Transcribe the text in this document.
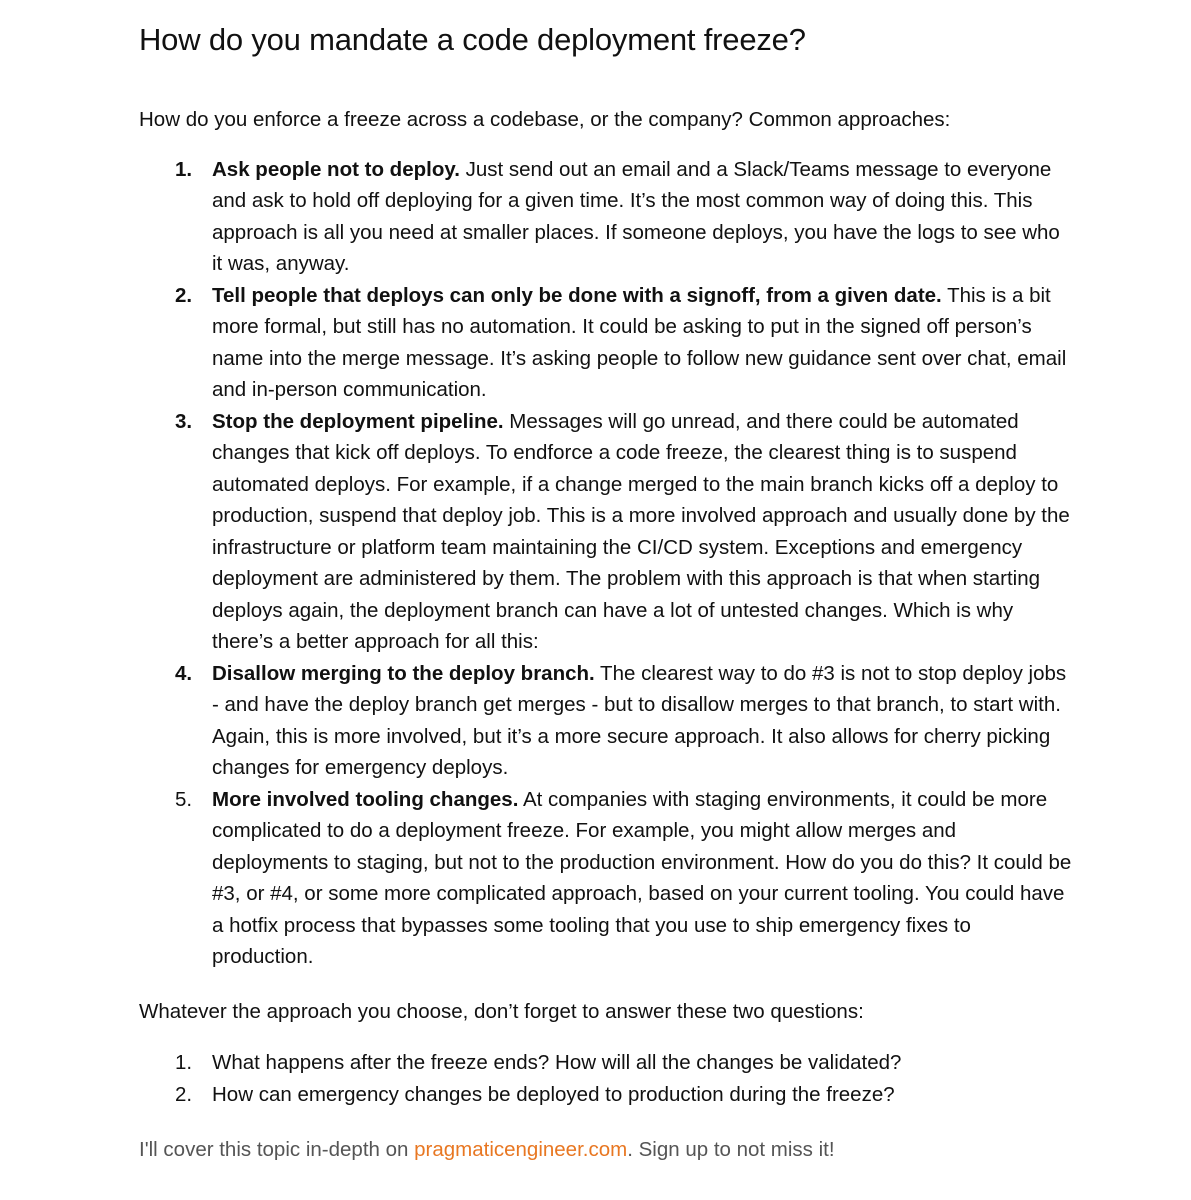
How do you mandate a code deployment freeze?

How do you enforce a freeze across a codebase, or the company? Common approaches:

1. Ask people not to deploy. Just send out an email and a Slack/Teams message to everyone and ask to hold off deploying for a given time. It’s the most common way of doing this. This approach is all you need at smaller places. If someone deploys, you have the logs to see who it was, anyway.
2. Tell people that deploys can only be done with a signoff, from a given date. This is a bit more formal, but still has no automation. It could be asking to put in the signed off person’s name into the merge message. It’s asking people to follow new guidance sent over chat, email and in-person communication.
3. Stop the deployment pipeline. Messages will go unread, and there could be automated changes that kick off deploys. To endforce a code freeze, the clearest thing is to suspend automated deploys. For example, if a change merged to the main branch kicks off a deploy to production, suspend that deploy job. This is a more involved approach and usually done by the infrastructure or platform team maintaining the CI/CD system. Exceptions and emergency deployment are administered by them. The problem with this approach is that when starting deploys again, the deployment branch can have a lot of untested changes. Which is why there’s a better approach for all this:
4. Disallow merging to the deploy branch. The clearest way to do #3 is not to stop deploy jobs - and have the deploy branch get merges - but to disallow merges to that branch, to start with. Again, this is more involved, but it’s a more secure approach. It also allows for cherry picking changes for emergency deploys.
5. More involved tooling changes. At companies with staging environments, it could be more complicated to do a deployment freeze. For example, you might allow merges and deployments to staging, but not to the production environment. How do you do this? It could be #3, or #4, or some more complicated approach, based on your current tooling. You could have a hotfix process that bypasses some tooling that you use to ship emergency fixes to production.

Whatever the approach you choose, don’t forget to answer these two questions:

1. What happens after the freeze ends? How will all the changes be validated?
2. How can emergency changes be deployed to production during the freeze?

I'll cover this topic in-depth on pragmaticengineer.com. Sign up to not miss it!
